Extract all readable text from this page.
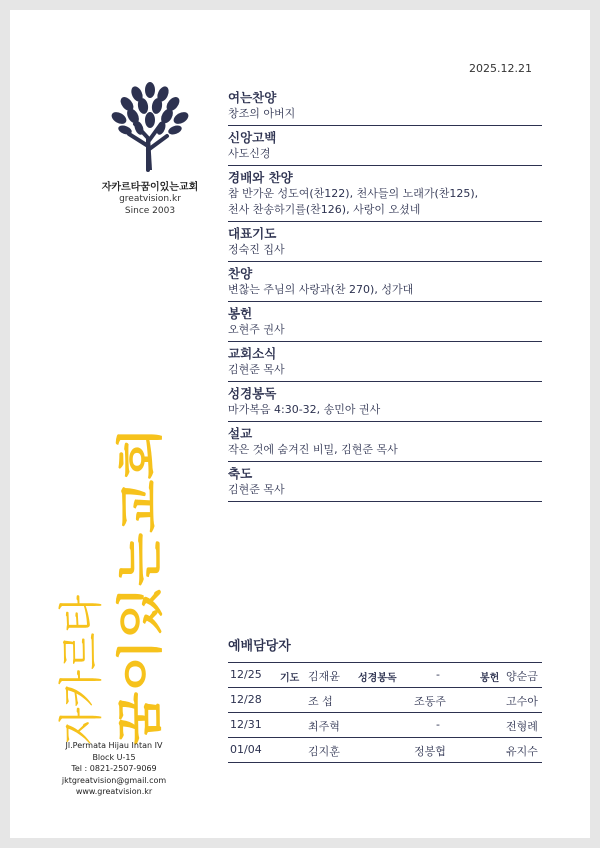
2025.12.21
자카르타꿈이있는교회
greatvision.kr
Since 2003
자카르타 꿈이있는교회
Jl.Permata Hijau Intan IV
Block U-15
Tel : 0821-2507-9069
jktgreatvision@gmail.com
www.greatvision.kr
여는찬양
창조의 아버지
신앙고백
사도신경
경배와 찬양
참 반가운 성도여(찬122), 천사들의 노래가(찬125),
천사 찬송하기를(찬126), 사랑이 오셨네
대표기도
정숙진 집사
찬양
변찮는 주님의 사랑과(찬 270), 성가대
봉헌
오현주 권사
교회소식
김현준 목사
성경봉독
마가복음 4:30-32, 송민아 권사
설교
작은 것에 숨겨진 비밀, 김현준 목사
축도
김현준 목사
예배담당자
12/25 기도 김재윤 성경봉독	-	봉헌 양순금
12/28	조 섭	조동주	고수아
12/31	최주혁	-	전형례
01/04	김지훈	정봉협	유지수
